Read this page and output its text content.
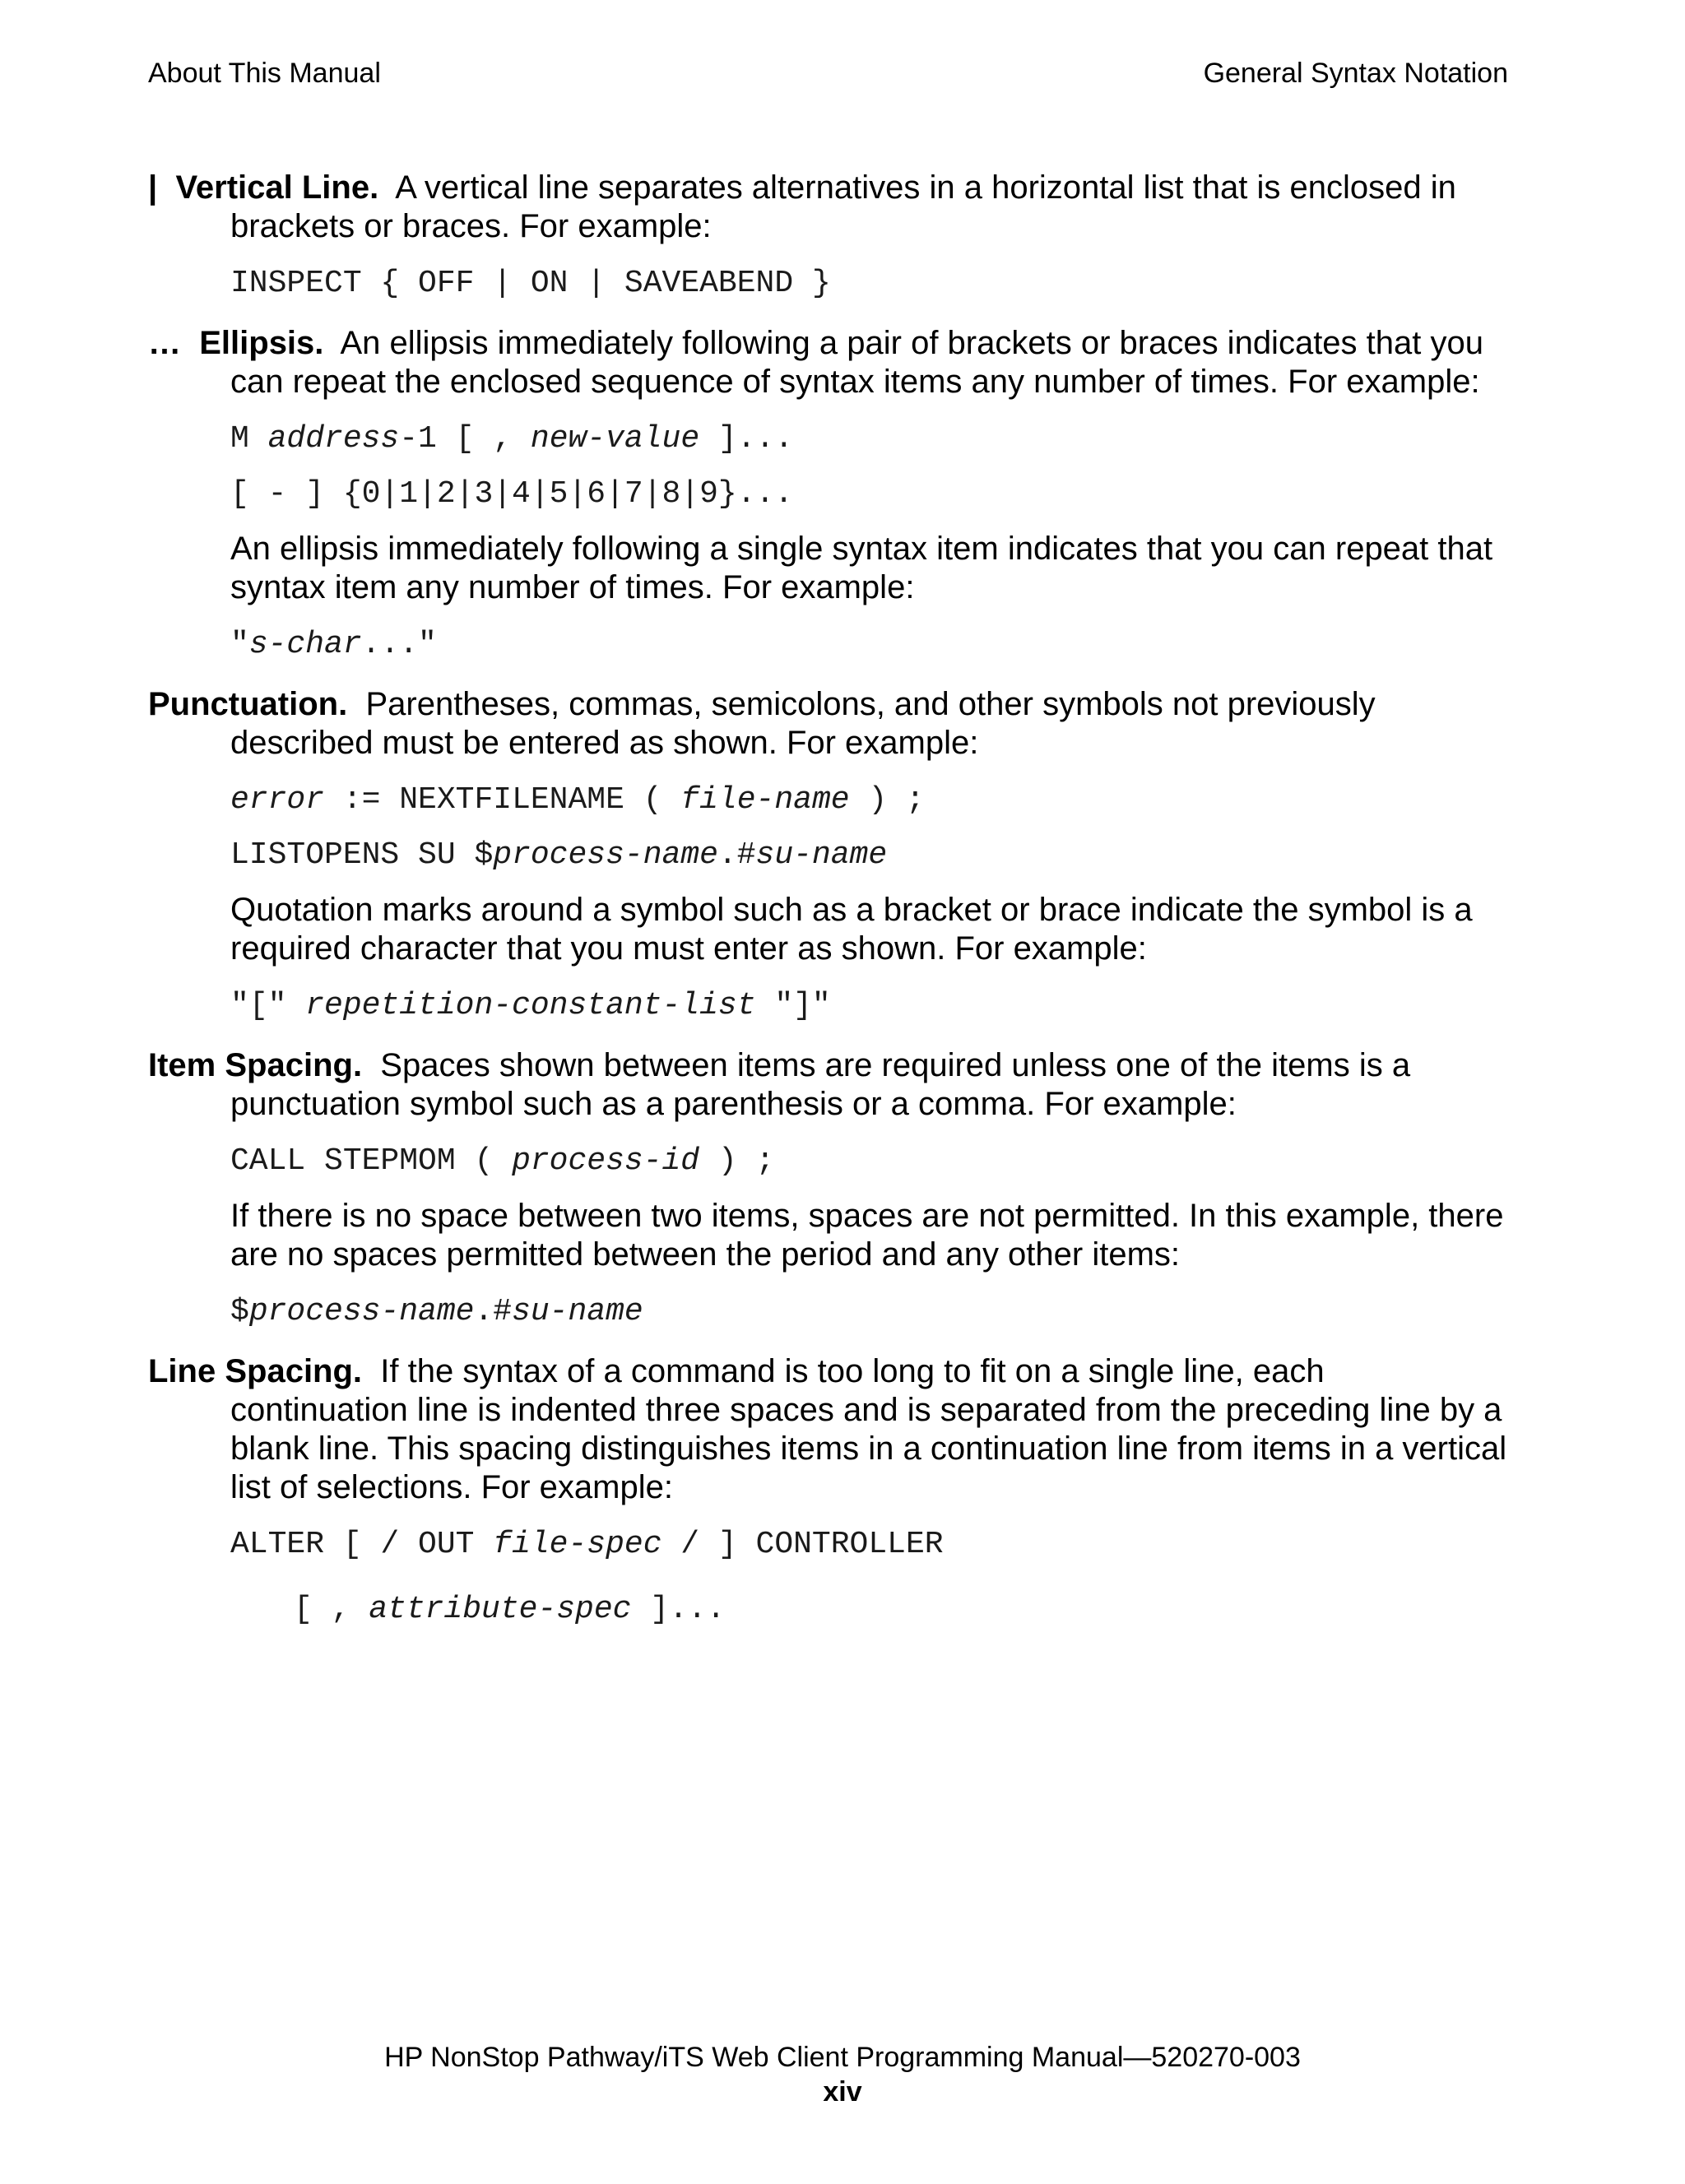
About This Manual	General Syntax Notation

| Vertical Line. A vertical line separates alternatives in a horizontal list that is enclosed in brackets or braces. For example:

INSPECT { OFF | ON | SAVEABEND }

… Ellipsis. An ellipsis immediately following a pair of brackets or braces indicates that you can repeat the enclosed sequence of syntax items any number of times. For example:

M address-1 [ , new-value ]...

[ - ] {0|1|2|3|4|5|6|7|8|9}...

An ellipsis immediately following a single syntax item indicates that you can repeat that syntax item any number of times. For example:

"s-char..."

Punctuation. Parentheses, commas, semicolons, and other symbols not previously described must be entered as shown. For example:

error := NEXTFILENAME ( file-name ) ;

LISTOPENS SU $process-name.#su-name

Quotation marks around a symbol such as a bracket or brace indicate the symbol is a required character that you must enter as shown. For example:

"[" repetition-constant-list "]"

Item Spacing. Spaces shown between items are required unless one of the items is a punctuation symbol such as a parenthesis or a comma. For example:

CALL STEPMOM ( process-id ) ;

If there is no space between two items, spaces are not permitted. In this example, there are no spaces permitted between the period and any other items:

$process-name.#su-name

Line Spacing. If the syntax of a command is too long to fit on a single line, each continuation line is indented three spaces and is separated from the preceding line by a blank line. This spacing distinguishes items in a continuation line from items in a vertical list of selections. For example:

ALTER [ / OUT file-spec / ] CONTROLLER

[ , attribute-spec ]...

HP NonStop Pathway/iTS Web Client Programming Manual—520270-003
xiv
